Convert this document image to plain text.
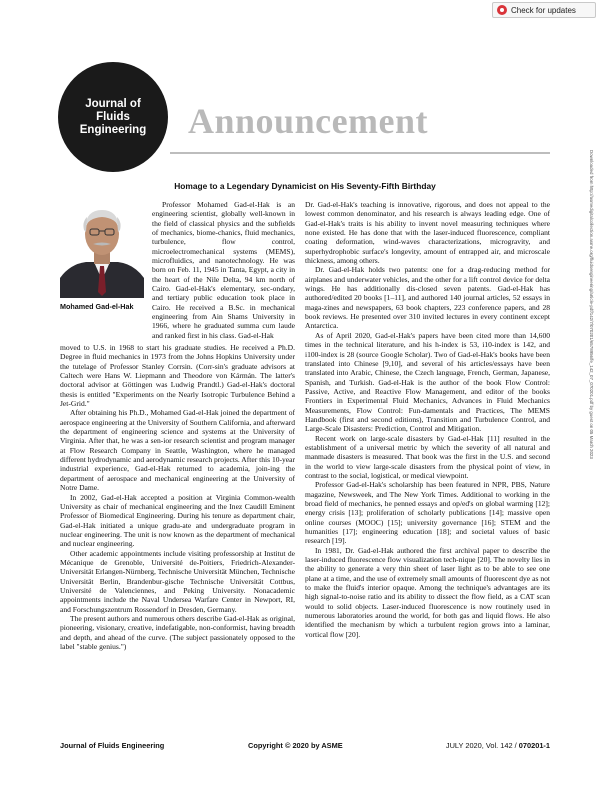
Check for updates
Journal of
Fluids
Engineering Announcement
Homage to a Legendary Dynamicist on His Seventy-Fifth Birthday
Mohamed Gad-el-Hak

Professor Mohamed Gad-el-Hak is an engineering scientist, globally well-known in the field of classical physics and the subfields of mechanics, biome-chanics, fluid mechanics, turbulence, flow control, microelectromechanical systems (MEMS), microfluidics, and nanotechnology. He was born on Feb. 11, 1945 in Tanta, Egypt, a city in the heart of the Nile Delta, 94 km north of Cairo. Gad-el-Hak's elementary, sec-ondary, and tertiary public education took place in Cairo. He received a B.Sc. in mechanical engineering from Ain Shams University in 1966, where he graduated summa cum laude and ranked first in his class. Gad-el-Hak

moved to U.S. in 1968 to start his graduate studies. He received a Ph.D. Degree in fluid mechanics in 1973 from the Johns Hopkins University under the tutelage of Professor Stanley Corrsin. (Corr-sin's graduate advisors at Caltech were Hans W. Liepmann and Theodore von Kármán. The latter's doctoral advisor at Göttingen was Ludwig Prandtl.) Gad-el-Hak's doctoral thesis is entitled "Experiments on the Nearly Isotropic Turbulence Behind a Jet-Grid."

After obtaining his Ph.D., Mohamed Gad-el-Hak joined the department of aerospace engineering at the University of Southern California, and afterward the department of engineering science and systems at the University of Virginia. After that, he was a sen-ior research scientist and program manager at Flow Research Company in Seattle, Washington, where he managed different hydrodynamic and aerodynamic research projects. After this 10-year industrial experience, Gad-el-Hak returned to academia, join-ing the department of aerospace and mechanical engineering at the University of Notre Dame.

In 2002, Gad-el-Hak accepted a position at Virginia Common-wealth University as chair of mechanical engineering and the Inez Caudill Eminent Professor of Biomedical Engineering. During his tenure as department chair, Gad-el-Hak initiated a unique gradu-ate and undergraduate program in nuclear engineering. The unit is now known as the department of mechanical and nuclear engineering.

Other academic appointments include visiting professorship at Institut de Mécanique de Grenoble, Université de-Poitiers, Friedrich-Alexander-Universität Erlangen-Nürnberg, Technische Universität München, Technische Universität Berlin, Brandenbur-gische Technische Universität Cottbus, Université de Valenciennes, and Peking University. Nonacademic appointments include the Naval Undersea Warfare Center in Newport, RI, and Forschungszentrum Rossendorf in Dresden, Germany.

The present authors and numerous others describe Gad-el-Hak as original, pioneering, visionary, creative, indefatigable, non-conformist, having breadth and depth, and ahead of the curve. (The subject passionately opposed to the label "stable genius.")

Dr. Gad-el-Hak's teaching is innovative, rigorous, and does not appeal to the lowest common denominator, and his research is always leading edge. One of Gad-el-Hak's traits is his ability to invent novel measuring techniques where none existed. He has done that with the laser-induced fluorescence, compliant coating deformation, wind-waves characterizations, microgravity, and superhydrophobic surface's longevity, amount of entrapped air, and microscale thickness, among others.

Dr. Gad-el-Hak holds two patents: one for a drag-reducing method for airplanes and underwater vehicles, and the other for a lift control device for delta wings. He has additionally dis-closed seven patents. Gad-el-Hak has authored/edited 20 books [1–11], and authored 140 journal articles, 52 essays in maga-zines and newspapers, 63 book chapters, 223 conference papers, and 28 book reviews. He presented over 310 invited lectures in every continent except Antarctica.

As of April 2020, Gad-el-Hak's papers have been cited more than 14,600 times in the technical literature, and his h-index is 53, i10-index is 142, and i100-index is 28 (source Google Scholar). Two of Gad-el-Hak's books have been translated into Chinese [9,10], and several of his articles/essays have been translated into Arabic, Chinese, the Czech language, French, German, Japanese, Spanish, and Turkish. Gad-el-Hak is the author of the book Flow Control: Passive, Active, and Reactive Flow Management, and editor of the books Frontiers in Experimental Fluid Mechanics, Advances in Fluid Mechanics Measurements, Flow Control: Fun-damentals and Practices, The MEMS Handbook (first and second editions), Transition and Turbulence Control, and Large-Scale Disasters: Prediction, Control and Mitigation.

Recent work on large-scale disasters by Gad-el-Hak [11] resulted in the establishment of a universal metric by which the severity of all natural and manmade disasters is measured. That book was the first in the U.S. and second in the world to view large-scale disasters from the physical point of view, in contrast to the social, logistical, or medical viewpoint.

Professor Gad-el-Hak's scholarship has been featured in NPR, PBS, Nature magazine, Newsweek, and The New York Times. Additional to working in the broad field of mechanics, he penned essays and op/ed's on global warming [12]; energy crisis [13]; proliferation of scholarly publications [14]; massive open online courses (MOOC) [15]; university governance [16]; STEM and the humanities [17]; engineering education [18]; and societal values of basic research [19].

In 1981, Dr. Gad-el-Hak authored the first archival paper to describe the laser-induced fluorescence flow visualization tech-nique [20]. The novelty lies in the ability to generate a very thin sheet of laser light as to be able to see one plane at a time, and the use of extremely small amounts of fluorescent dye as not to make the fluid's interior opaque. Among the technique's advantages are its high signal-to-noise ratio and its ability to dissect the flow field, as a CAT scan would to solid objects. Laser-induced fluorescence is now routinely used in numerous laboratories around the world, for both gas and liquid flows. He also identified the mechanism by which a turbulent region grows into a laminar, vortical flow [20].

Downloaded from http://asmedigitalcollection.asme.org/fluidsengineering/article-pdf/142/7/070201/6578956/fe_142_07_070201.pdf by guest on 05 March 2023
Journal of Fluids Engineering	Copyright © 2020 by ASME	JULY 2020, Vol. 142 / 070201-1
